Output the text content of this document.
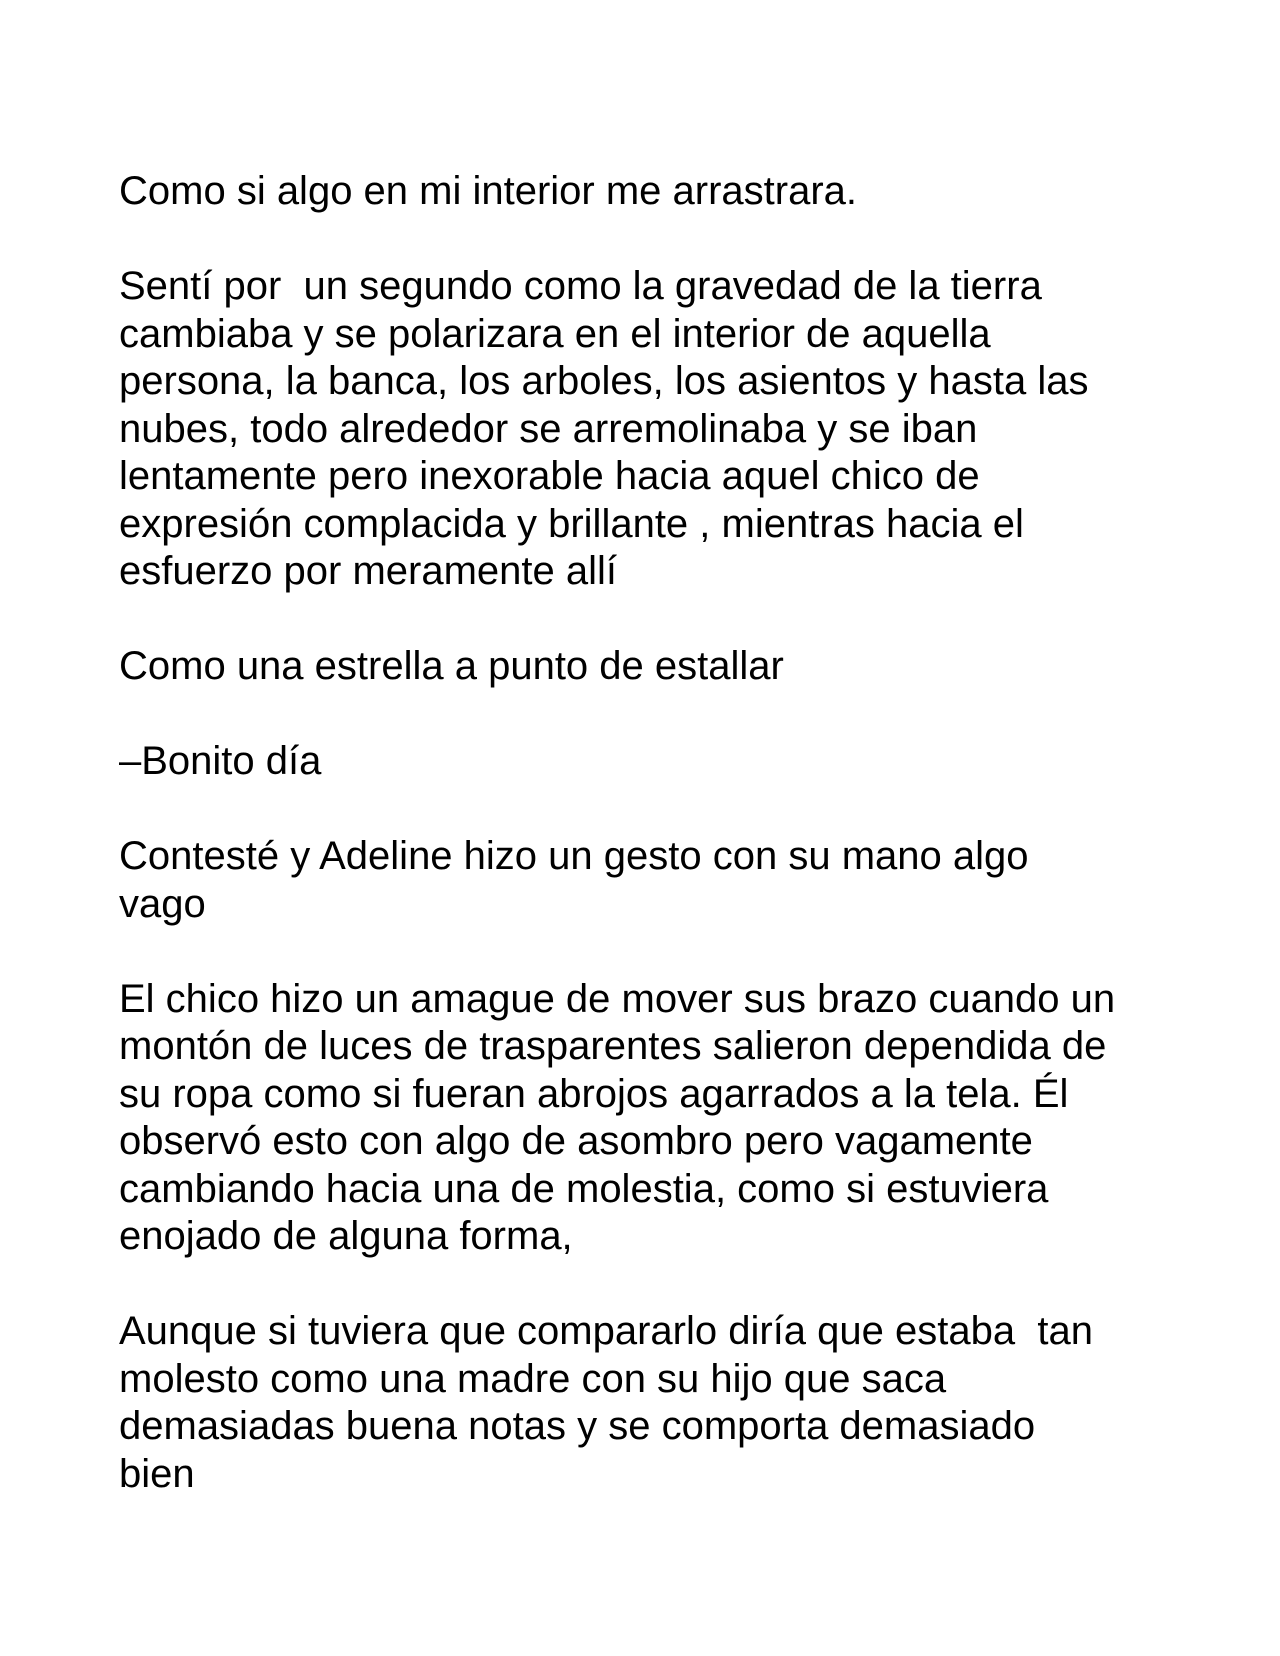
Como si algo en mi interior me arrastrara.

Sentí por  un segundo como la gravedad de la tierra
cambiaba y se polarizara en el interior de aquella
persona, la banca, los arboles, los asientos y hasta las
nubes, todo alrededor se arremolinaba y se iban
lentamente pero inexorable hacia aquel chico de
expresión complacida y brillante , mientras hacia el
esfuerzo por meramente allí

Como una estrella a punto de estallar

–Bonito día

Contesté y Adeline hizo un gesto con su mano algo
vago

El chico hizo un amague de mover sus brazo cuando un
montón de luces de trasparentes salieron dependida de
su ropa como si fueran abrojos agarrados a la tela. Él
observó esto con algo de asombro pero vagamente
cambiando hacia una de molestia, como si estuviera
enojado de alguna forma,

Aunque si tuviera que compararlo diría que estaba  tan
molesto como una madre con su hijo que saca
demasiadas buena notas y se comporta demasiado
bien
